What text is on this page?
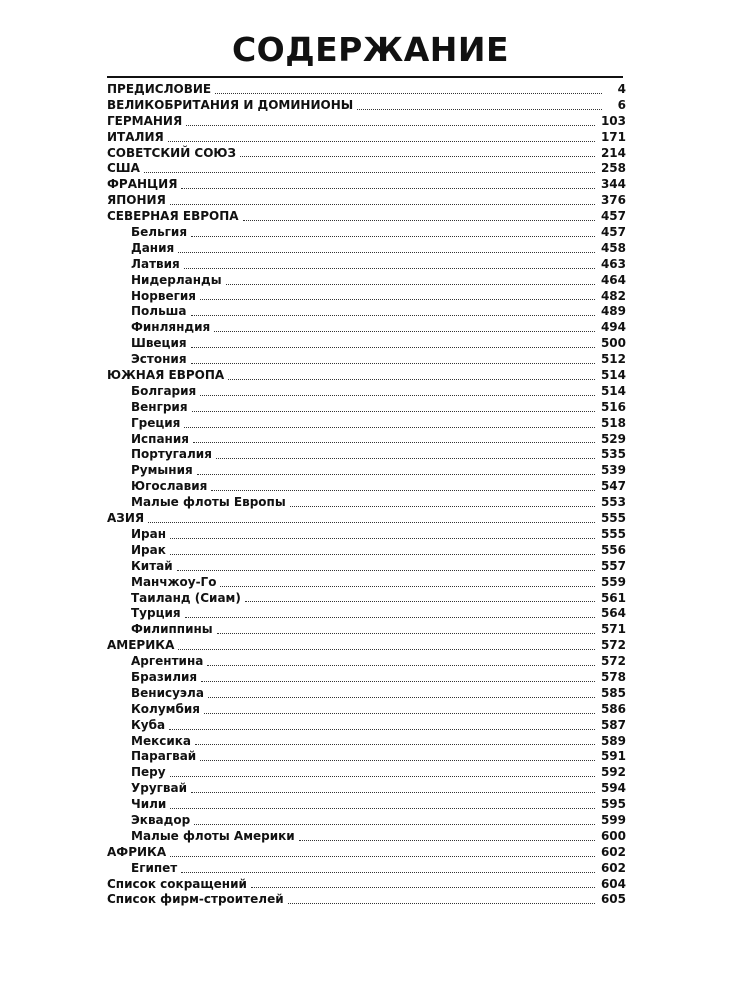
СОДЕРЖАНИЕ
ПРЕДИСЛОВИЕ	4
ВЕЛИКОБРИТАНИЯ И ДОМИНИОНЫ	6
ГЕРМАНИЯ	103
ИТАЛИЯ	171
СОВЕТСКИЙ СОЮЗ	214
США	258
ФРАНЦИЯ	344
ЯПОНИЯ	376
СЕВЕРНАЯ ЕВРОПА	457
Бельгия	457
Дания	458
Латвия	463
Нидерланды	464
Норвегия	482
Польша	489
Финляндия	494
Швеция	500
Эстония	512
ЮЖНАЯ ЕВРОПА	514
Болгария	514
Венгрия	516
Греция	518
Испания	529
Португалия	535
Румыния	539
Югославия	547
Малые флоты Европы	553
АЗИЯ	555
Иран	555
Ирак	556
Китай	557
Манчжоу-Го	559
Таиланд (Сиам)	561
Турция	564
Филиппины	571
АМЕРИКА	572
Аргентина	572
Бразилия	578
Венисуэла	585
Колумбия	586
Куба	587
Мексика	589
Парагвай	591
Перу	592
Уругвай	594
Чили	595
Эквадор	599
Малые флоты Америки	600
АФРИКА	602
Египет	602
Список сокращений	604
Список фирм-строителей	605
